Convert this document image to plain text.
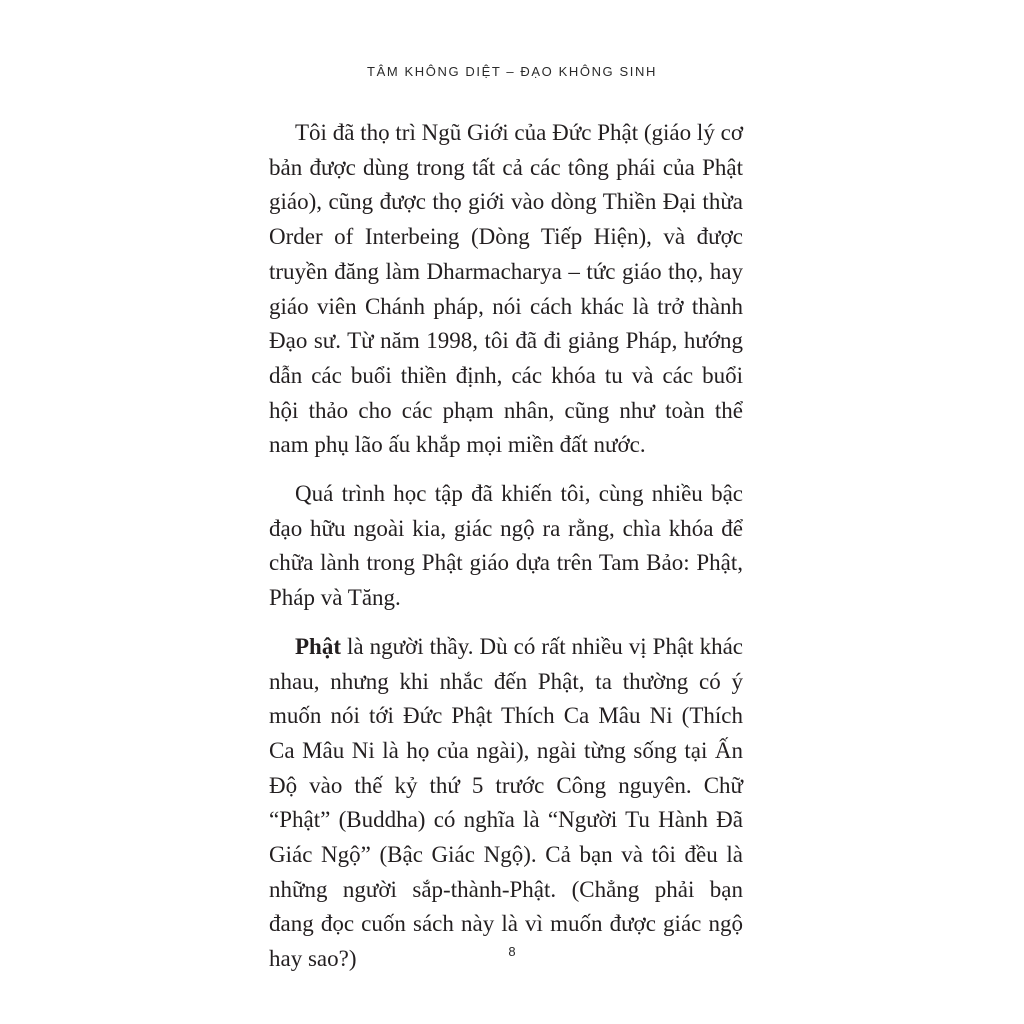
TÂM KHÔNG DIỆT – ĐẠO KHÔNG SINH

Tôi đã thọ trì Ngũ Giới của Đức Phật (giáo lý cơ bản được dùng trong tất cả các tông phái của Phật giáo), cũng được thọ giới vào dòng Thiền Đại thừa Order of Interbeing (Dòng Tiếp Hiện), và được truyền đăng làm Dharmacharya – tức giáo thọ, hay giáo viên Chánh pháp, nói cách khác là trở thành Đạo sư. Từ năm 1998, tôi đã đi giảng Pháp, hướng dẫn các buổi thiền định, các khóa tu và các buổi hội thảo cho các phạm nhân, cũng như toàn thể nam phụ lão ấu khắp mọi miền đất nước.

Quá trình học tập đã khiến tôi, cùng nhiều bậc đạo hữu ngoài kia, giác ngộ ra rằng, chìa khóa để chữa lành trong Phật giáo dựa trên Tam Bảo: Phật, Pháp và Tăng.

Phật là người thầy. Dù có rất nhiều vị Phật khác nhau, nhưng khi nhắc đến Phật, ta thường có ý muốn nói tới Đức Phật Thích Ca Mâu Ni (Thích Ca Mâu Ni là họ của ngài), ngài từng sống tại Ấn Độ vào thế kỷ thứ 5 trước Công nguyên. Chữ “Phật” (Buddha) có nghĩa là “Người Tu Hành Đã Giác Ngộ” (Bậc Giác Ngộ). Cả bạn và tôi đều là những người sắp-thành-Phật. (Chẳng phải bạn đang đọc cuốn sách này là vì muốn được giác ngộ hay sao?)	8
